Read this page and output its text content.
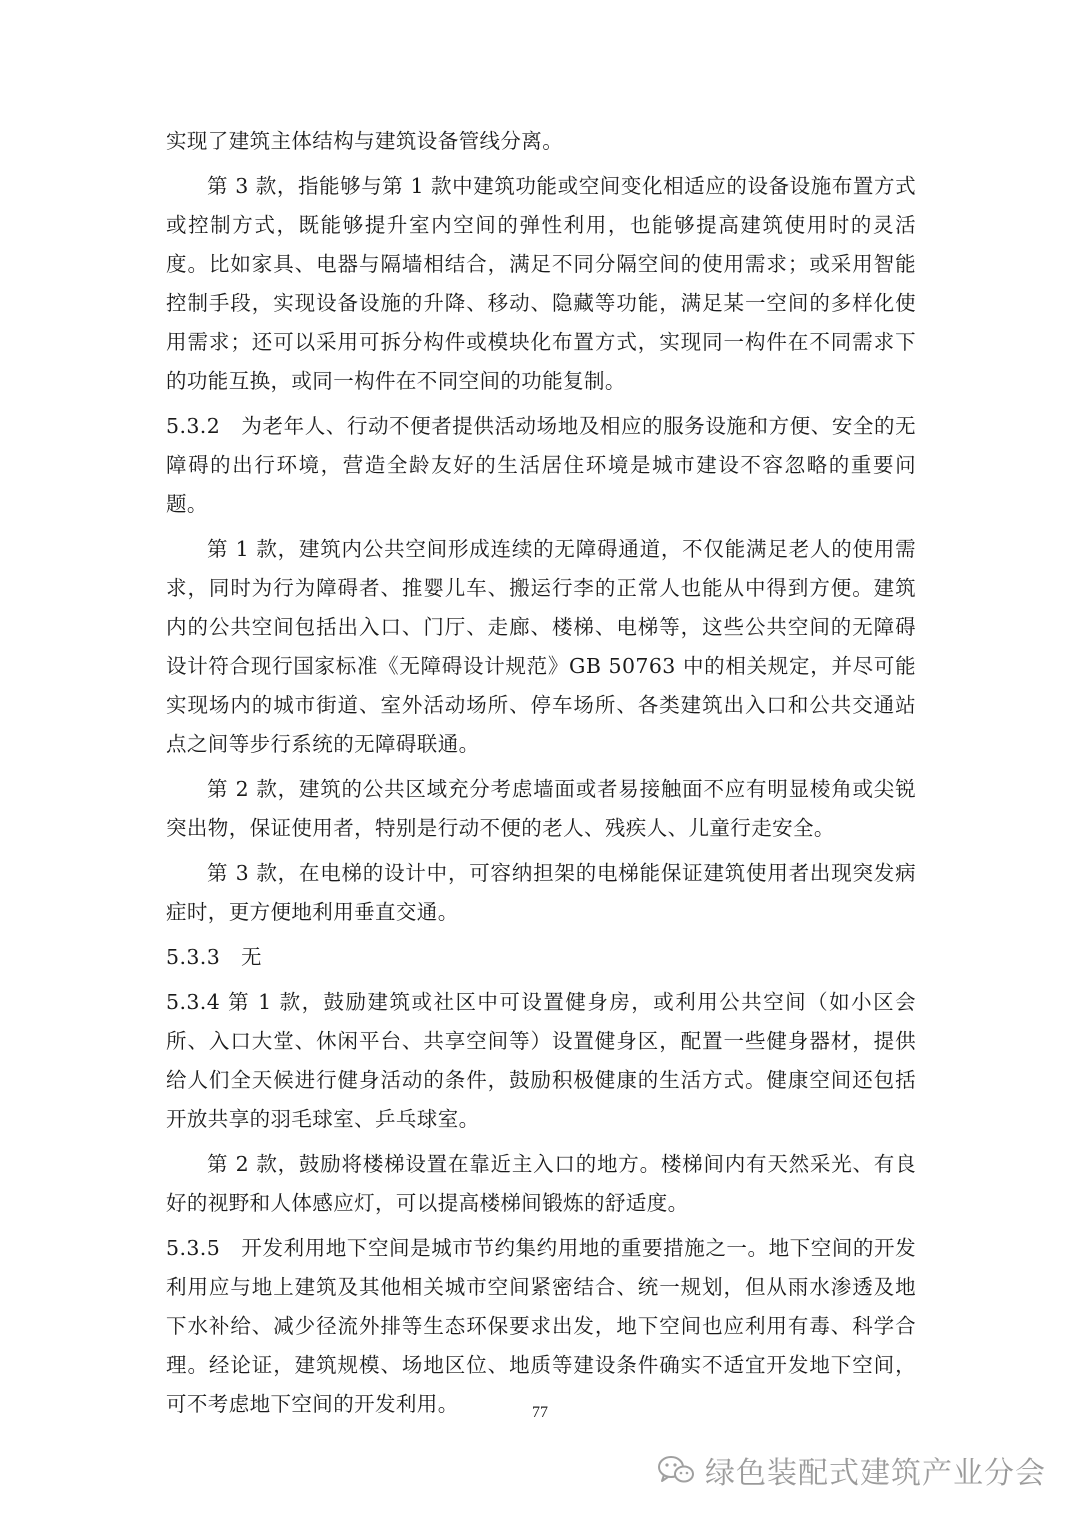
实现了建筑主体结构与建筑设备管线分离。

第 3 款，指能够与第 1 款中建筑功能或空间变化相适应的设备设施布置方式或控制方式，既能够提升室内空间的弹性利用，也能够提高建筑使用时的灵活度。比如家具、电器与隔墙相结合，满足不同分隔空间的使用需求；或采用智能控制手段，实现设备设施的升降、移动、隐藏等功能，满足某一空间的多样化使用需求；还可以采用可拆分构件或模块化布置方式，实现同一构件在不同需求下的功能互换，或同一构件在不同空间的功能复制。

5.3.2　为老年人、行动不便者提供活动场地及相应的服务设施和方便、安全的无障碍的出行环境，营造全龄友好的生活居住环境是城市建设不容忽略的重要问题。

第 1 款，建筑内公共空间形成连续的无障碍通道，不仅能满足老人的使用需求，同时为行为障碍者、推婴儿车、搬运行李的正常人也能从中得到方便。建筑内的公共空间包括出入口、门厅、走廊、楼梯、电梯等，这些公共空间的无障碍设计符合现行国家标准《无障碍设计规范》GB 50763 中的相关规定，并尽可能实现场内的城市街道、室外活动场所、停车场所、各类建筑出入口和公共交通站点之间等步行系统的无障碍联通。

第 2 款，建筑的公共区域充分考虑墙面或者易接触面不应有明显棱角或尖锐突出物，保证使用者，特别是行动不便的老人、残疾人、儿童行走安全。

第 3 款，在电梯的设计中，可容纳担架的电梯能保证建筑使用者出现突发病症时，更方便地利用垂直交通。

5.3.3　无

5.3.4 第 1 款，鼓励建筑或社区中可设置健身房，或利用公共空间（如小区会所、入口大堂、休闲平台、共享空间等）设置健身区，配置一些健身器材，提供给人们全天候进行健身活动的条件，鼓励积极健康的生活方式。健康空间还包括开放共享的羽毛球室、乒乓球室。

第 2 款，鼓励将楼梯设置在靠近主入口的地方。楼梯间内有天然采光、有良好的视野和人体感应灯，可以提高楼梯间锻炼的舒适度。

5.3.5　开发利用地下空间是城市节约集约用地的重要措施之一。地下空间的开发利用应与地上建筑及其他相关城市空间紧密结合、统一规划，但从雨水渗透及地下水补给、减少径流外排等生态环保要求出发，地下空间也应利用有毒、科学合理。经论证，建筑规模、场地区位、地质等建设条件确实不适宜开发地下空间，可不考虑地下空间的开发利用。	77
绿色装配式建筑产业分会
